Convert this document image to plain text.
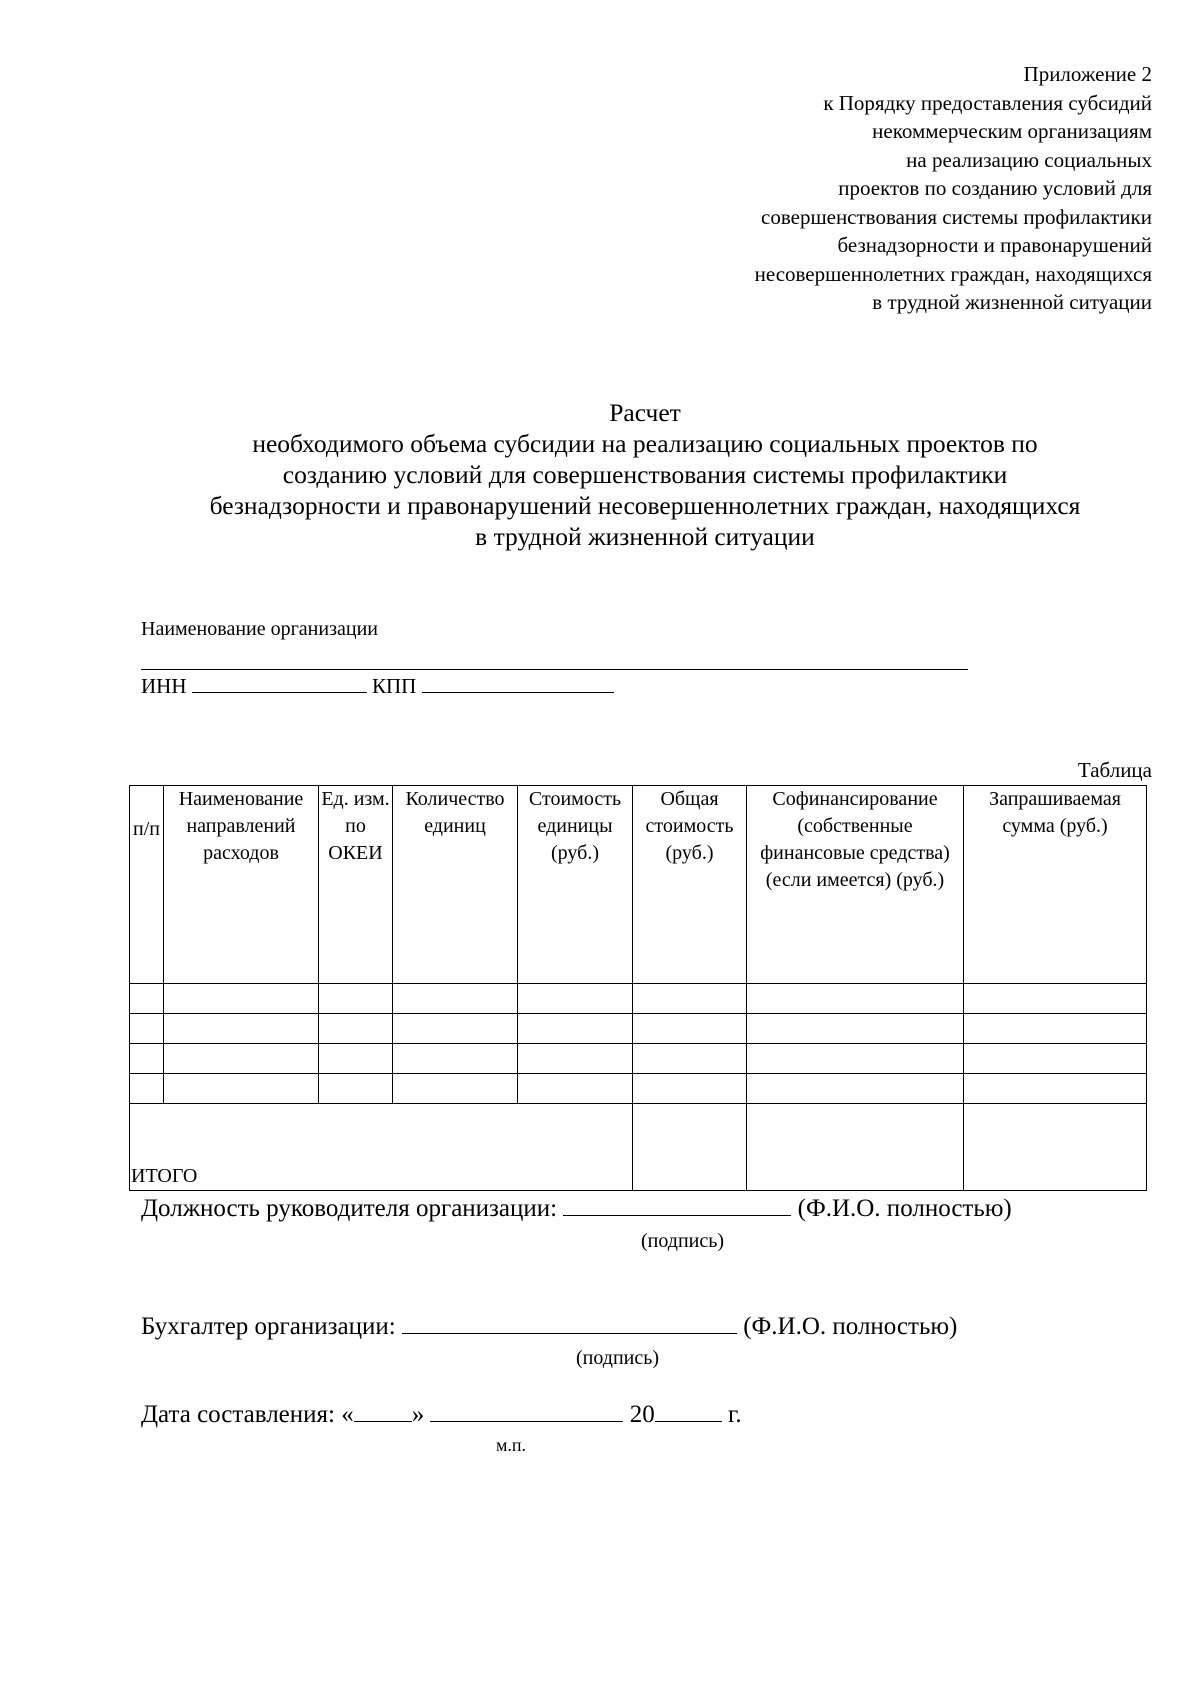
Приложение 2
к Порядку предоставления субсидий
некоммерческим организациям
на реализацию социальных
проектов по созданию условий для
совершенствования системы профилактики
безнадзорности и правонарушений
несовершеннолетних граждан, находящихся
в трудной жизненной ситуации
Расчет
необходимого объема субсидии на реализацию социальных проектов по
созданию условий для совершенствования системы профилактики
безнадзорности и правонарушений несовершеннолетних граждан, находящихся
в трудной жизненной ситуации
Наименование организации
ИНН	КПП
Таблица
п/п	Наименование направлений расходов	Ед. изм. по ОКЕИ	Количество единиц	Стоимость единицы (руб.)	Общая стоимость (руб.)	Софинансирование (собственные финансовые средства) (если имеется) (руб.)	Запрашиваемая сумма (руб.)

ИТОГО							
Должность руководителя организации:	(Ф.И.О. полностью)
(подпись)
Бухгалтер организации:	(Ф.И.О. полностью)
(подпись)
Дата составления: « »	20	г.
м.п.
